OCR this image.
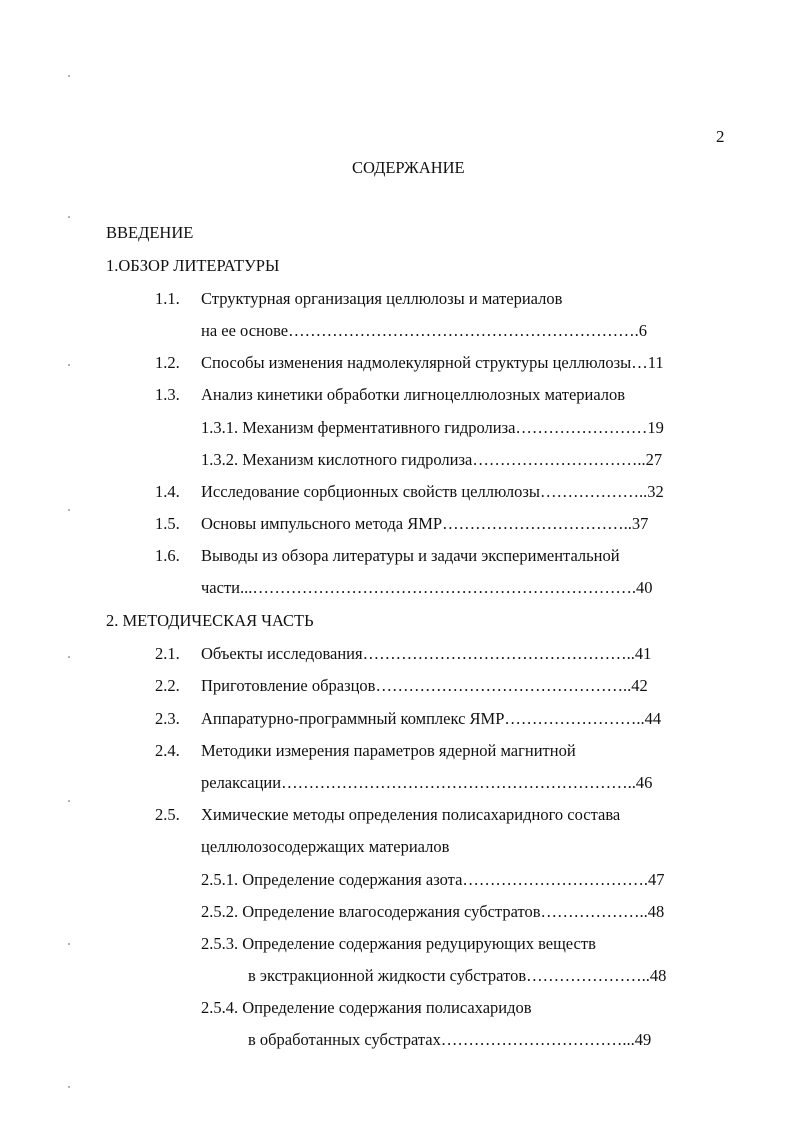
2
СОДЕРЖАНИЕ
ВВЕДЕНИЕ
1.ОБЗОР ЛИТЕРАТУРЫ
1.1. Структурная организация целлюлозы и материалов
на ее основе……………………………………………………….6
1.2. Способы изменения надмолекулярной структуры целлюлозы…11
1.3. Анализ кинетики обработки лигноцеллюлозных материалов
1.3.1. Механизм ферментативного гидролиза……………………19
1.3.2. Механизм кислотного гидролиза…………………………..27
1.4. Исследование сорбционных свойств целлюлозы………………..32
1.5. Основы импульсного метода ЯМР……………………………..37
1.6. Выводы из обзора литературы и задачи экспериментальной
части...…………………………………………………………….40
2. МЕТОДИЧЕСКАЯ ЧАСТЬ
2.1. Объекты исследования…………………………………………..41
2.2. Приготовление образцов………………………………………..42
2.3. Аппаратурно-программный комплекс ЯМР……………………..44
2.4. Методики измерения параметров ядерной магнитной
релаксации………………………………………………………..46
2.5. Химические методы определения полисахаридного состава
целлюлозосодержащих материалов
2.5.1. Определение содержания азота…………………………….47
2.5.2. Определение влагосодержания субстратов………………..48
2.5.3. Определение содержания редуцирующих веществ
в экстракционной жидкости субстратов…………………..48
2.5.4. Определение содержания полисахаридов
в обработанных субстратах……………………………...49
